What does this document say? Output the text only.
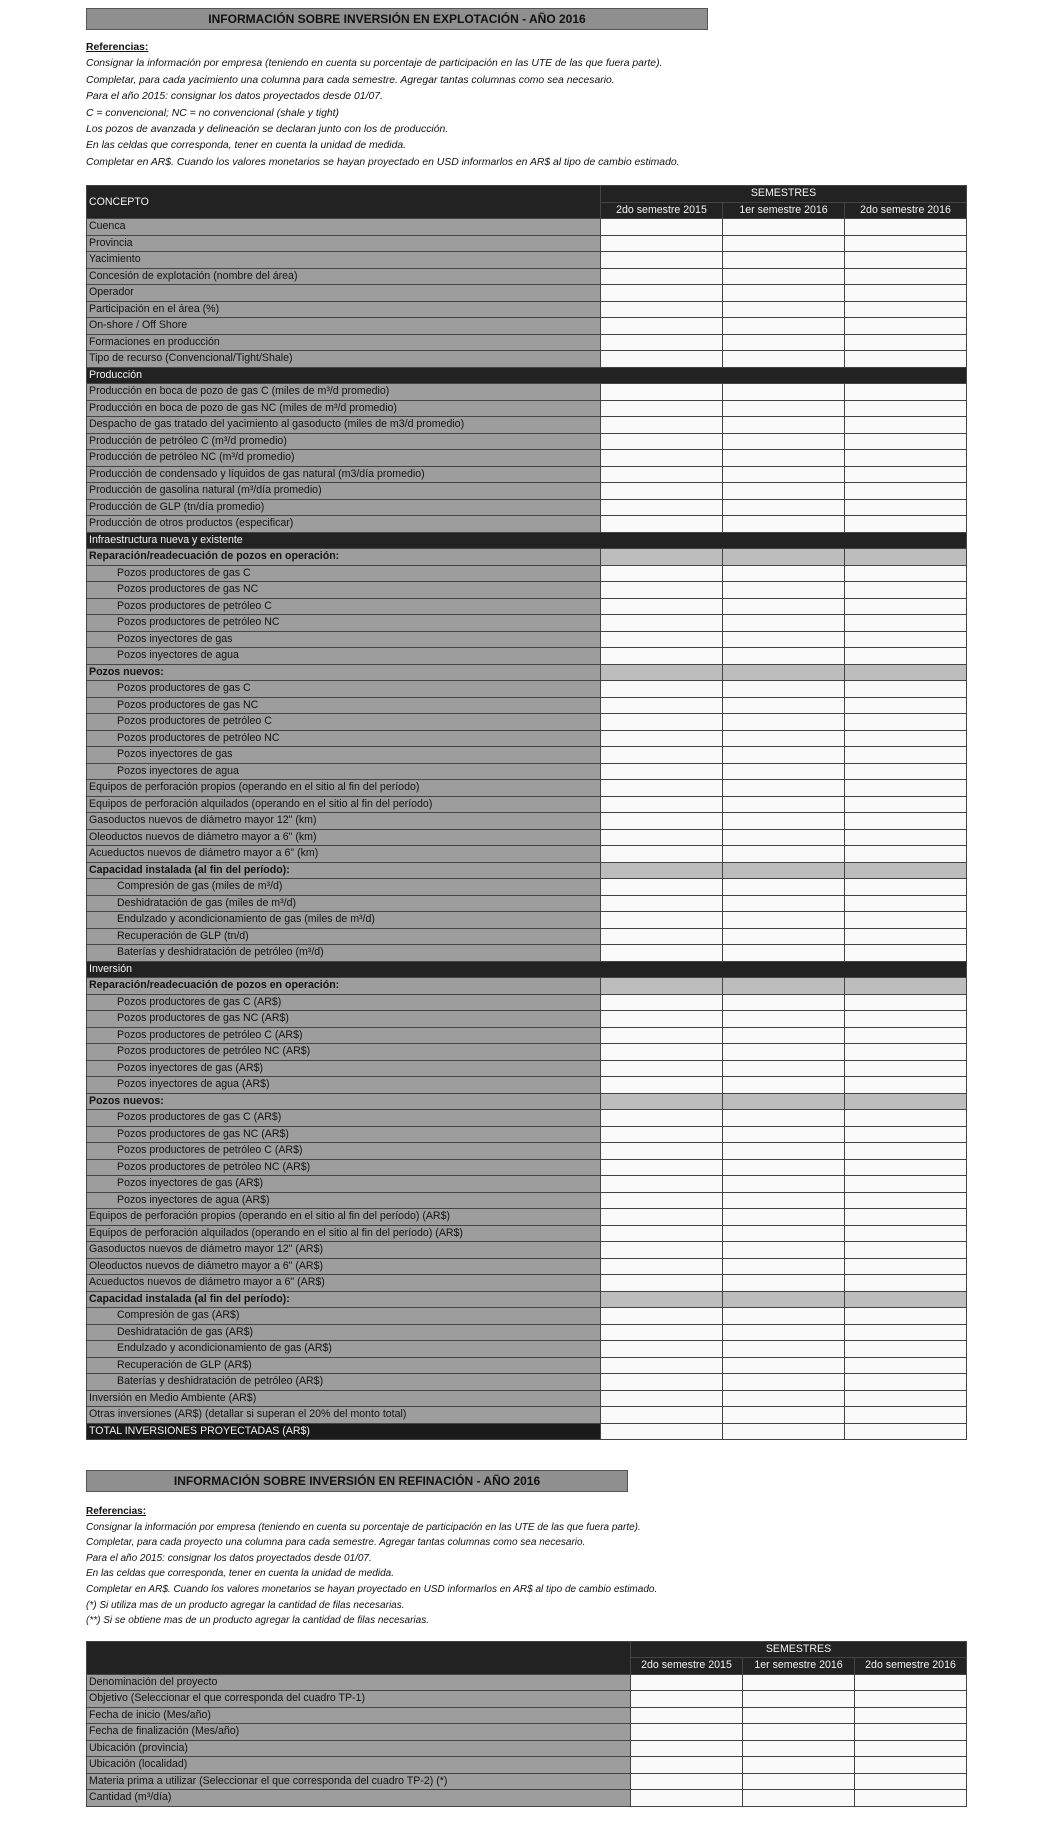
INFORMACIÓN SOBRE INVERSIÓN EN EXPLOTACIÓN - AÑO 2016
Referencias:
Consignar la información por empresa (teniendo en cuenta su porcentaje de participación en las UTE de las que fuera parte).
Completar, para cada yacimiento una columna para cada semestre. Agregar tantas columnas como sea necesario.
Para el año 2015: consignar los datos proyectados desde 01/07.
C = convencional; NC = no convencional (shale y tight)
Los pozos de avanzada y delineación se declaran junto con los de producción.
En las celdas que corresponda, tener en cuenta la unidad de medida.
Completar en AR$. Cuando los valores monetarios se hayan proyectado en USD informarlos en AR$ al tipo de cambio estimado.
CONCEPTO	SEMESTRES		
	2do semestre 2015	1er semestre 2016	2do semestre 2016
Cuenca			
Provincia			
Yacimiento			
Concesión de explotación (nombre del área)			
Operador			
Participación en el área (%)			
On-shore / Off Shore			
Formaciones en producción			
Tipo de recurso (Convencional/Tight/Shale)			
Producción			
Producción en boca de pozo de gas C (miles de m³/d promedio)			
Producción en boca de pozo de gas NC (miles de m³/d promedio)			
Despacho de gas tratado del yacimiento al gasoducto (miles de m3/d promedio)			
Producción de petróleo C (m³/d promedio)			
Producción de petróleo NC (m³/d promedio)			
Producción de condensado y líquidos de gas natural (m3/día promedio)			
Producción de gasolina natural (m³/día promedio)			
Producción de GLP (tn/día promedio)			
Producción de otros productos (especificar)			
Infraestructura nueva y existente			
Reparación/readecuación de pozos en operación:			
Pozos productores de gas C			
Pozos productores de gas NC			
Pozos productores de petróleo C			
Pozos productores de petróleo NC			
Pozos inyectores de gas			
Pozos inyectores de agua			
Pozos nuevos:			
Pozos productores de gas C			
Pozos productores de gas NC			
Pozos productores de petróleo C			
Pozos productores de petróleo NC			
Pozos inyectores de gas			
Pozos inyectores de agua			
Equipos de perforación propios (operando en el sitio al fin del período)			
Equipos de perforación alquilados (operando en el sitio al fin del período)			
Gasoductos nuevos de diámetro mayor 12" (km)			
Oleoductos nuevos de diámetro mayor a 6" (km)			
Acueductos nuevos de diámetro mayor a 6" (km)			
Capacidad instalada (al fin del período):			
Compresión de gas (miles de m³/d)			
Deshidratación de gas (miles de m³/d)			
Endulzado y acondicionamiento de gas (miles de m³/d)			
Recuperación de GLP (tn/d)			
Baterías y deshidratación de petróleo (m³/d)			
Inversión			
Reparación/readecuación de pozos en operación:			
Pozos productores de gas C (AR$)			
Pozos productores de gas NC (AR$)			
Pozos productores de petróleo C (AR$)			
Pozos productores de petróleo NC (AR$)			
Pozos inyectores de gas (AR$)			
Pozos inyectores de agua (AR$)			
Pozos nuevos:			
Pozos productores de gas C (AR$)			
Pozos productores de gas NC (AR$)			
Pozos productores de petróleo C (AR$)			
Pozos productores de petróleo NC (AR$)			
Pozos inyectores de gas (AR$)			
Pozos inyectores de agua (AR$)			
Equipos de perforación propios (operando en el sitio al fin del período) (AR$)			
Equipos de perforación alquilados (operando en el sitio al fin del período) (AR$)			
Gasoductos nuevos de diámetro mayor 12" (AR$)			
Oleoductos nuevos de diámetro mayor a 6" (AR$)			
Acueductos nuevos de diámetro mayor a 6" (AR$)			
Capacidad instalada (al fin del período):			
Compresión de gas (AR$)			
Deshidratación de gas (AR$)			
Endulzado y acondicionamiento de gas (AR$)			
Recuperación de GLP (AR$)			
Baterías y deshidratación de petróleo (AR$)			
Inversión en Medio Ambiente (AR$)			
Otras inversiones (AR$) (detallar si superan el 20% del monto total)			
TOTAL INVERSIONES PROYECTADAS (AR$)			
INFORMACIÓN SOBRE INVERSIÓN EN REFINACIÓN - AÑO 2016
Referencias:
Consignar la información por empresa (teniendo en cuenta su porcentaje de participación en las UTE de las que fuera parte).
Completar, para cada proyecto una columna para cada semestre. Agregar tantas columnas como sea necesario.
Para el año 2015: consignar los datos proyectados desde 01/07.
En las celdas que corresponda, tener en cuenta la unidad de medida.
Completar en AR$. Cuando los valores monetarios se hayan proyectado en USD informarlos en AR$ al tipo de cambio estimado.
(*) Si utiliza mas de un producto agregar la cantidad de filas necesarias.
(**) Si se obtiene mas de un producto agregar la cantidad de filas necesarias.
	SEMESTRES		
	2do semestre 2015	1er semestre 2016	2do semestre 2016
Denominación del proyecto			
Objetivo (Seleccionar el que corresponda del cuadro TP-1)			
Fecha de inicio (Mes/año)			
Fecha de finalización (Mes/año)			
Ubicación (provincia)			
Ubicación (localidad)			
Materia prima a utilizar (Seleccionar el que corresponda del cuadro TP-2) (*)			
Cantidad (m³/día)			
